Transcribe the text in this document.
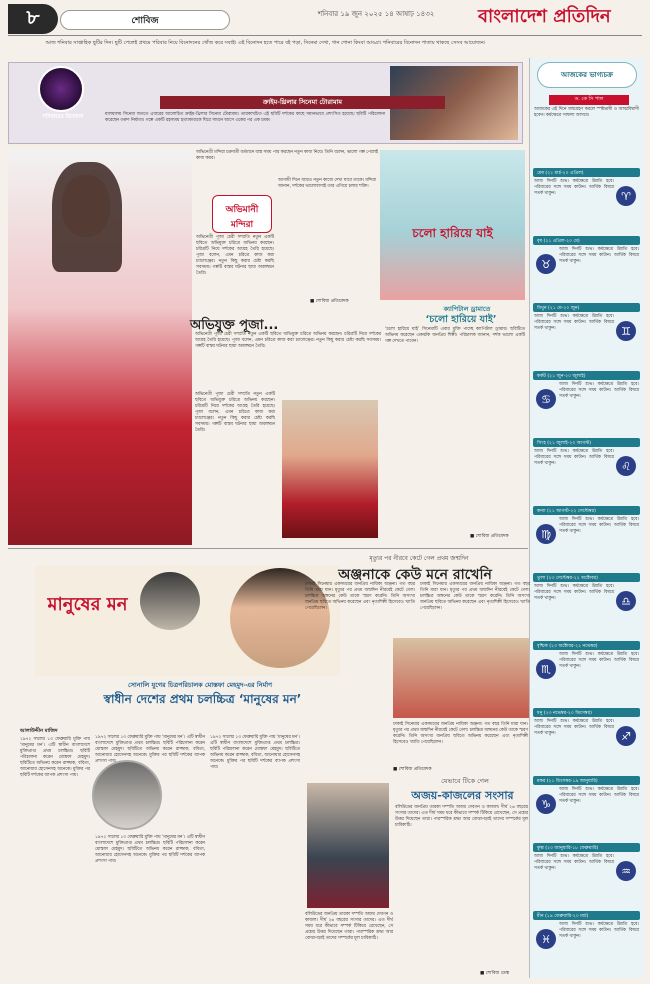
৮	শোবিজ
শনিবার ১৯ জুন ২০২৫ ১৪ আষাঢ় ১৪৩২ বাংলাদেশ প্রতিদিন
আজ শনিবার সাপ্তাহিক ছুটির দিন। ছুটি পেলেই প্রথমে পরিবার নিয়ে বিনোদনের খোঁজ করে সবাই। এই বিনোদন হতে পারে বই পড়া, সিনেমা দেখা, গান শোনা কিংবা আড্ডা। শনিবারের বিনোদন পাতায় থাকছে সেসব আয়োজন।
শনিবারের বিনোদন
ক্রাইম-থ্রিলার সিনেমা টোরামাম
মালয়ালম সিনেমা জগতে এবারের আলোচিত ক্রাইম-থ্রিলার সিনেমা টোরামাম। তারকাখচিত এই ছবিটি দর্শকের কাছে সমানভাবে প্রশংসিত হয়েছে। ছবিটি পরিচালনা করেছেন তরুণ নির্মাতা। গল্পে একটি রহস্যময় হত্যাকাণ্ডকে ঘিরে সামনে আসে একের পর এক চমক।
আজকের ভাগ্যচক্র
ড. কে সি পাল
আজকের এই দিনে জন্মগ্রহণ করলে স্পষ্টভাষী ও আত্মবিশ্বাসী হবেন। কর্মক্ষেত্রে সাফল্য আসবে।
মেষ (২১ মার্চ-২০ এপ্রিল)
♈
আজ দিনটি শুভ। কর্মক্ষেত্রে উন্নতি হবে। পরিবারের সঙ্গে সময় কাটান। আর্থিক বিষয়ে সতর্ক থাকুন।
বৃষ (২১ এপ্রিল-২০ মে)
♉
আজ দিনটি শুভ। কর্মক্ষেত্রে উন্নতি হবে। পরিবারের সঙ্গে সময় কাটান। আর্থিক বিষয়ে সতর্ক থাকুন।
মিথুন (২১ মে-২০ জুন)
♊
আজ দিনটি শুভ। কর্মক্ষেত্রে উন্নতি হবে। পরিবারের সঙ্গে সময় কাটান। আর্থিক বিষয়ে সতর্ক থাকুন।
কর্কট (২১ জুন-২০ জুলাই)
♋
আজ দিনটি শুভ। কর্মক্ষেত্রে উন্নতি হবে। পরিবারের সঙ্গে সময় কাটান। আর্থিক বিষয়ে সতর্ক থাকুন।
সিংহ (২১ জুলাই-২০ আগস্ট)
♌
আজ দিনটি শুভ। কর্মক্ষেত্রে উন্নতি হবে। পরিবারের সঙ্গে সময় কাটান। আর্থিক বিষয়ে সতর্ক থাকুন।
কন্যা (২১ আগস্ট-২২ সেপ্টেম্বর)
♍
আজ দিনটি শুভ। কর্মক্ষেত্রে উন্নতি হবে। পরিবারের সঙ্গে সময় কাটান। আর্থিক বিষয়ে সতর্ক থাকুন।
তুলা (২৩ সেপ্টেম্বর-২২ অক্টোবর)
♎
আজ দিনটি শুভ। কর্মক্ষেত্রে উন্নতি হবে। পরিবারের সঙ্গে সময় কাটান। আর্থিক বিষয়ে সতর্ক থাকুন।
বৃশ্চিক (২৩ অক্টোবর-২২ নভেম্বর)
♏
আজ দিনটি শুভ। কর্মক্ষেত্রে উন্নতি হবে। পরিবারের সঙ্গে সময় কাটান। আর্থিক বিষয়ে সতর্ক থাকুন।
ধনু (২৩ নভেম্বর-২০ ডিসেম্বর)
♐
আজ দিনটি শুভ। কর্মক্ষেত্রে উন্নতি হবে। পরিবারের সঙ্গে সময় কাটান। আর্থিক বিষয়ে সতর্ক থাকুন।
মকর (২১ ডিসেম্বর-১৯ জানুয়ারি)
♑
আজ দিনটি শুভ। কর্মক্ষেত্রে উন্নতি হবে। পরিবারের সঙ্গে সময় কাটান। আর্থিক বিষয়ে সতর্ক থাকুন।
কুম্ভ (২০ জানুয়ারি-১৮ ফেব্রুয়ারি)
♒
আজ দিনটি শুভ। কর্মক্ষেত্রে উন্নতি হবে। পরিবারের সঙ্গে সময় কাটান। আর্থিক বিষয়ে সতর্ক থাকুন।
মীন (১৯ ফেব্রুয়ারি-২০ মার্চ)
♓
আজ দিনটি শুভ। কর্মক্ষেত্রে উন্নতি হবে। পরিবারের সঙ্গে সময় কাটান। আর্থিক বিষয়ে সতর্ক থাকুন।
অভিনেত্রী মন্দিরা চক্রবর্তী বর্তমানে ব্যস্ত সময় পার করছেন নতুন কাজ নিয়ে। তিনি বলেন, ভালো গল্প পেলেই কাজ করব।
অভিমানী মন্দিরা
আগামী দিনে আরও নতুন কাজে দেখা যাবে তাকে। মন্দিরা জানান, দর্শকের ভালোবাসাই তার এগিয়ে চলার শক্তি।
অভিনেত্রী পূজা চেরী সম্প্রতি নতুন একটি ছবিতে অভিযুক্ত চরিত্রে অভিনয় করছেন। চরিত্রটি নিয়ে দর্শকের আগ্রহ তৈরি হয়েছে। পূজা বলেন, এমন চরিত্রে কাজ করা চ্যালেঞ্জের। নতুন কিছু করার চেষ্টা করছি সবসময়। গল্পটি বাস্তব ঘটনার ছায়া অবলম্বনে তৈরি।
■ শোবিজ প্রতিবেদক
অভিযুক্ত পূজা...
অভিনেত্রী পূজা চেরী সম্প্রতি নতুন একটি ছবিতে অভিযুক্ত চরিত্রে অভিনয় করছেন। চরিত্রটি নিয়ে দর্শকের আগ্রহ তৈরি হয়েছে। পূজা বলেন, এমন চরিত্রে কাজ করা চ্যালেঞ্জের। নতুন কিছু করার চেষ্টা করছি সবসময়। গল্পটি বাস্তব ঘটনার ছায়া অবলম্বনে তৈরি।
অভিনেত্রী পূজা চেরী সম্প্রতি নতুন একটি ছবিতে অভিযুক্ত চরিত্রে অভিনয় করছেন। চরিত্রটি নিয়ে দর্শকের আগ্রহ তৈরি হয়েছে। পূজা বলেন, এমন চরিত্রে কাজ করা চ্যালেঞ্জের। নতুন কিছু করার চেষ্টা করছি সবসময়। গল্পটি বাস্তব ঘটনার ছায়া অবলম্বনে তৈরি।
চলো হারিয়ে যাই
ক্যাপিটাল ড্রামাতে
‘চলো হারিয়ে যাই’
‘চলো হারিয়ে যাই’ সিনেমাটি এবার মুক্তি পাচ্ছে ক্যাপিটাল ড্রামায়। ছবিটিতে অভিনয় করেছেন একঝাঁক জনপ্রিয় শিল্পী। পরিচালক জানান, দর্শক ভালো একটি গল্প দেখতে পাবেন।
■ শোবিজ প্রতিবেদক
মানুষের মন
সোনালি যুগের চিত্রপরিচালক মোস্তফা মেহমুদ-এর নির্মাণ
স্বাধীন দেশের প্রথম চলচ্চিত্র ‘মানুষের মন’
আলাউদ্দীন মাজিদ
১৯৭২ সালের ১৩ ফেব্রুয়ারি মুক্তি পায় ‘মানুষের মন’। এটি স্বাধীন বাংলাদেশে মুক্তিপ্রাপ্ত প্রথম চলচ্চিত্র। ছবিটি পরিচালনা করেন মোস্তফা মেহমুদ। ছবিটিতে অভিনয় করেন রাজ্জাক, ববিতা, আনোয়ার হোসেনসহ অনেকে। মুক্তির পর ছবিটি দর্শকের ব্যাপক প্রশংসা পায়।
১৯৭২ সালের ১৩ ফেব্রুয়ারি মুক্তি পায় ‘মানুষের মন’। এটি স্বাধীন বাংলাদেশে মুক্তিপ্রাপ্ত প্রথম চলচ্চিত্র। ছবিটি পরিচালনা করেন মোস্তফা মেহমুদ। ছবিটিতে অভিনয় করেন রাজ্জাক, ববিতা, আনোয়ার হোসেনসহ অনেকে। মুক্তির পর ছবিটি দর্শকের ব্যাপক প্রশংসা পায়।
১৯৭২ সালের ১৩ ফেব্রুয়ারি মুক্তি পায় ‘মানুষের মন’। এটি স্বাধীন বাংলাদেশে মুক্তিপ্রাপ্ত প্রথম চলচ্চিত্র। ছবিটি পরিচালনা করেন মোস্তফা মেহমুদ। ছবিটিতে অভিনয় করেন রাজ্জাক, ববিতা, আনোয়ার হোসেনসহ অনেকে। মুক্তির পর ছবিটি দর্শকের ব্যাপক প্রশংসা পায়।
১৯৭২ সালের ১৩ ফেব্রুয়ারি মুক্তি পায় ‘মানুষের মন’। এটি স্বাধীন বাংলাদেশে মুক্তিপ্রাপ্ত প্রথম চলচ্চিত্র। ছবিটি পরিচালনা করেন মোস্তফা মেহমুদ। ছবিটিতে অভিনয় করেন রাজ্জাক, ববিতা, আনোয়ার হোসেনসহ অনেকে। মুক্তির পর ছবিটি দর্শকের ব্যাপক প্রশংসা পায়।
মৃত্যুর পর নীরবে কেটে গেল প্রথম জন্মদিন
অঞ্জনাকে কেউ মনে রাখেনি
ঢাকাই সিনেমার একসময়ের জনপ্রিয় নায়িকা অঞ্জনা। গত বছর তিনি মারা যান। মৃত্যুর পর প্রথম জন্মদিন নীরবেই কেটে গেল। চলচ্চিত্র অঙ্গনের কেউ তাকে স্মরণ করেনি। তিনি অসংখ্য জনপ্রিয় ছবিতে অভিনয় করেছেন এবং নৃত্যশিল্পী হিসেবেও খ্যাতি পেয়েছিলেন।
ঢাকাই সিনেমার একসময়ের জনপ্রিয় নায়িকা অঞ্জনা। গত বছর তিনি মারা যান। মৃত্যুর পর প্রথম জন্মদিন নীরবেই কেটে গেল। চলচ্চিত্র অঙ্গনের কেউ তাকে স্মরণ করেনি। তিনি অসংখ্য জনপ্রিয় ছবিতে অভিনয় করেছেন এবং নৃত্যশিল্পী হিসেবেও খ্যাতি পেয়েছিলেন।
ঢাকাই সিনেমার একসময়ের জনপ্রিয় নায়িকা অঞ্জনা। গত বছর তিনি মারা যান। মৃত্যুর পর প্রথম জন্মদিন নীরবেই কেটে গেল। চলচ্চিত্র অঙ্গনের কেউ তাকে স্মরণ করেনি। তিনি অসংখ্য জনপ্রিয় ছবিতে অভিনয় করেছেন এবং নৃত্যশিল্পী হিসেবেও খ্যাতি পেয়েছিলেন।
■ শোবিজ প্রতিবেদক
যেভাবে টিকে গেল
অজয়-কাজলের সংসার
বলিউডের জনপ্রিয় তারকা দম্পতি অজয় দেবগন ও কাজল। দীর্ঘ ২৬ বছরের সংসার তাদের। এত দীর্ঘ সময় ধরে কীভাবে সম্পর্ক টিকিয়ে রেখেছেন, সে প্রশ্নের উত্তর দিয়েছেন তারা। পারস্পরিক শ্রদ্ধা আর বোঝাপড়াই তাদের সম্পর্কের মূল চাবিকাঠি।
বলিউডের জনপ্রিয় তারকা দম্পতি অজয় দেবগন ও কাজল। দীর্ঘ ২৬ বছরের সংসার তাদের। এত দীর্ঘ সময় ধরে কীভাবে সম্পর্ক টিকিয়ে রেখেছেন, সে প্রশ্নের উত্তর দিয়েছেন তারা। পারস্পরিক শ্রদ্ধা আর বোঝাপড়াই তাদের সম্পর্কের মূল চাবিকাঠি।
■ শোবিজ ডেস্ক
